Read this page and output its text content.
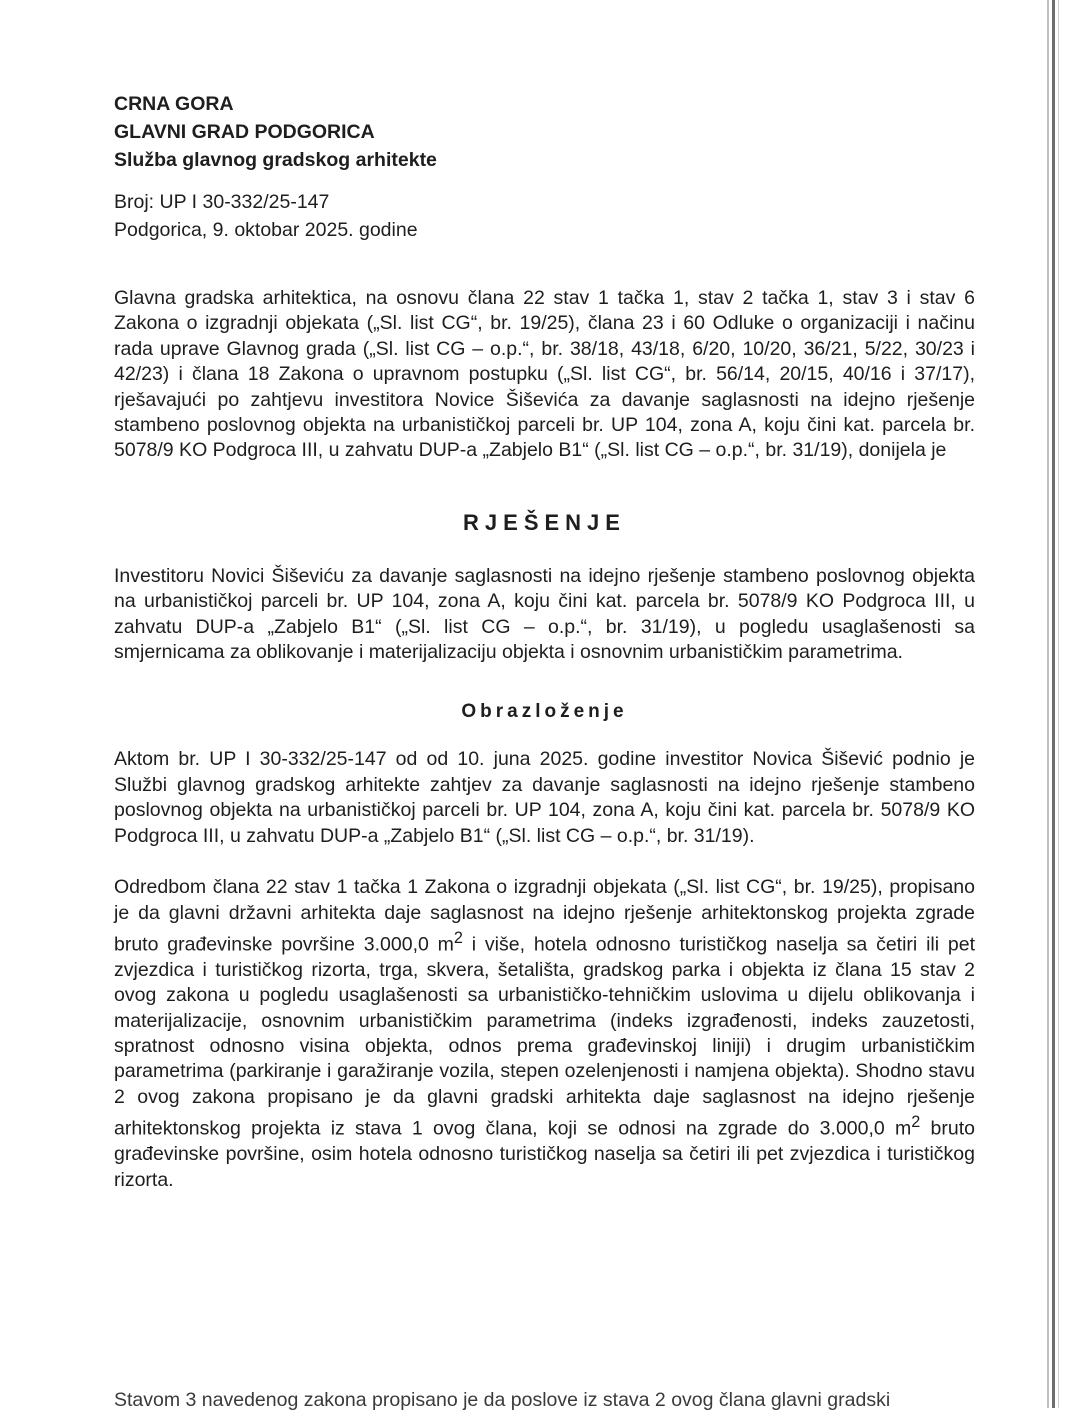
CRNA GORA

GLAVNI GRAD PODGORICA

Služba glavnog gradskog arhitekte

Broj: UP I 30-332/25-147

Podgorica, 9. oktobar 2025. godine

Glavna gradska arhitektica, na osnovu člana 22 stav 1 tačka 1, stav 2 tačka 1, stav 3 i stav 6 Zakona o izgradnji objekata („Sl. list CG“, br. 19/25), člana 23 i 60 Odluke o organizaciji i načinu rada uprave Glavnog grada („Sl. list CG – o.p.“, br. 38/18, 43/18, 6/20, 10/20, 36/21, 5/22, 30/23 i 42/23) i člana 18 Zakona o upravnom postupku („Sl. list CG“, br. 56/14, 20/15, 40/16 i 37/17), rješavajući po zahtjevu investitora Novice Šiševića za davanje saglasnosti na idejno rješenje stambeno poslovnog objekta na urbanističkoj parceli br. UP 104, zona A, koju čini kat. parcela br. 5078/9 KO Podgroca III, u zahvatu DUP-a „Zabjelo B1“ („Sl. list CG – o.p.“, br. 31/19), donijela je

RJEŠENJE

Investitoru Novici Šiševiću za davanje saglasnosti na idejno rješenje stambeno poslovnog objekta na urbanističkoj parceli br. UP 104, zona A, koju čini kat. parcela br. 5078/9 KO Podgroca III, u zahvatu DUP-a „Zabjelo B1“ („Sl. list CG – o.p.“, br. 31/19), u pogledu usaglašenosti sa smjernicama za oblikovanje i materijalizaciju objekta i osnovnim urbanističkim parametrima.

Obrazloženje

Aktom br. UP I 30-332/25-147 od od 10. juna 2025. godine investitor Novica Šišević podnio je Službi glavnog gradskog arhitekte zahtjev za davanje saglasnosti na idejno rješenje stambeno poslovnog objekta na urbanističkoj parceli br. UP 104, zona A, koju čini kat. parcela br. 5078/9 KO Podgroca III, u zahvatu DUP-a „Zabjelo B1“ („Sl. list CG – o.p.“, br. 31/19).

Odredbom člana 22 stav 1 tačka 1 Zakona o izgradnji objekata („Sl. list CG“, br. 19/25), propisano je da glavni državni arhitekta daje saglasnost na idejno rješenje arhitektonskog projekta zgrade bruto građevinske površine 3.000,0 $m^2$ i više, hotela odnosno turističkog naselja sa četiri ili pet zvjezdica i turističkog rizorta, trga, skvera, šetališta, gradskog parka i objekta iz člana 15 stav 2 ovog zakona u pogledu usaglašenosti sa urbanističko-tehničkim uslovima u dijelu oblikovanja i materijalizacije, osnovnim urbanističkim parametrima (indeks izgrađenosti, indeks zauzetosti, spratnost odnosno visina objekta, odnos prema građevinskoj liniji) i drugim urbanističkim parametrima (parkiranje i garažiranje vozila, stepen ozelenjenosti i namjena objekta). Shodno stavu 2 ovog zakona propisano je da glavni gradski arhitekta daje saglasnost na idejno rješenje arhitektonskog projekta iz stava 1 ovog člana, koji se odnosi na zgrade do 3.000,0 $m^2$ bruto građevinske površine, osim hotela odnosno turističkog naselja sa četiri ili pet zvjezdica i turističkog rizorta.

Stavom 3 navedenog zakona propisano je da poslove iz stava 2 ovog člana glavni gradski
